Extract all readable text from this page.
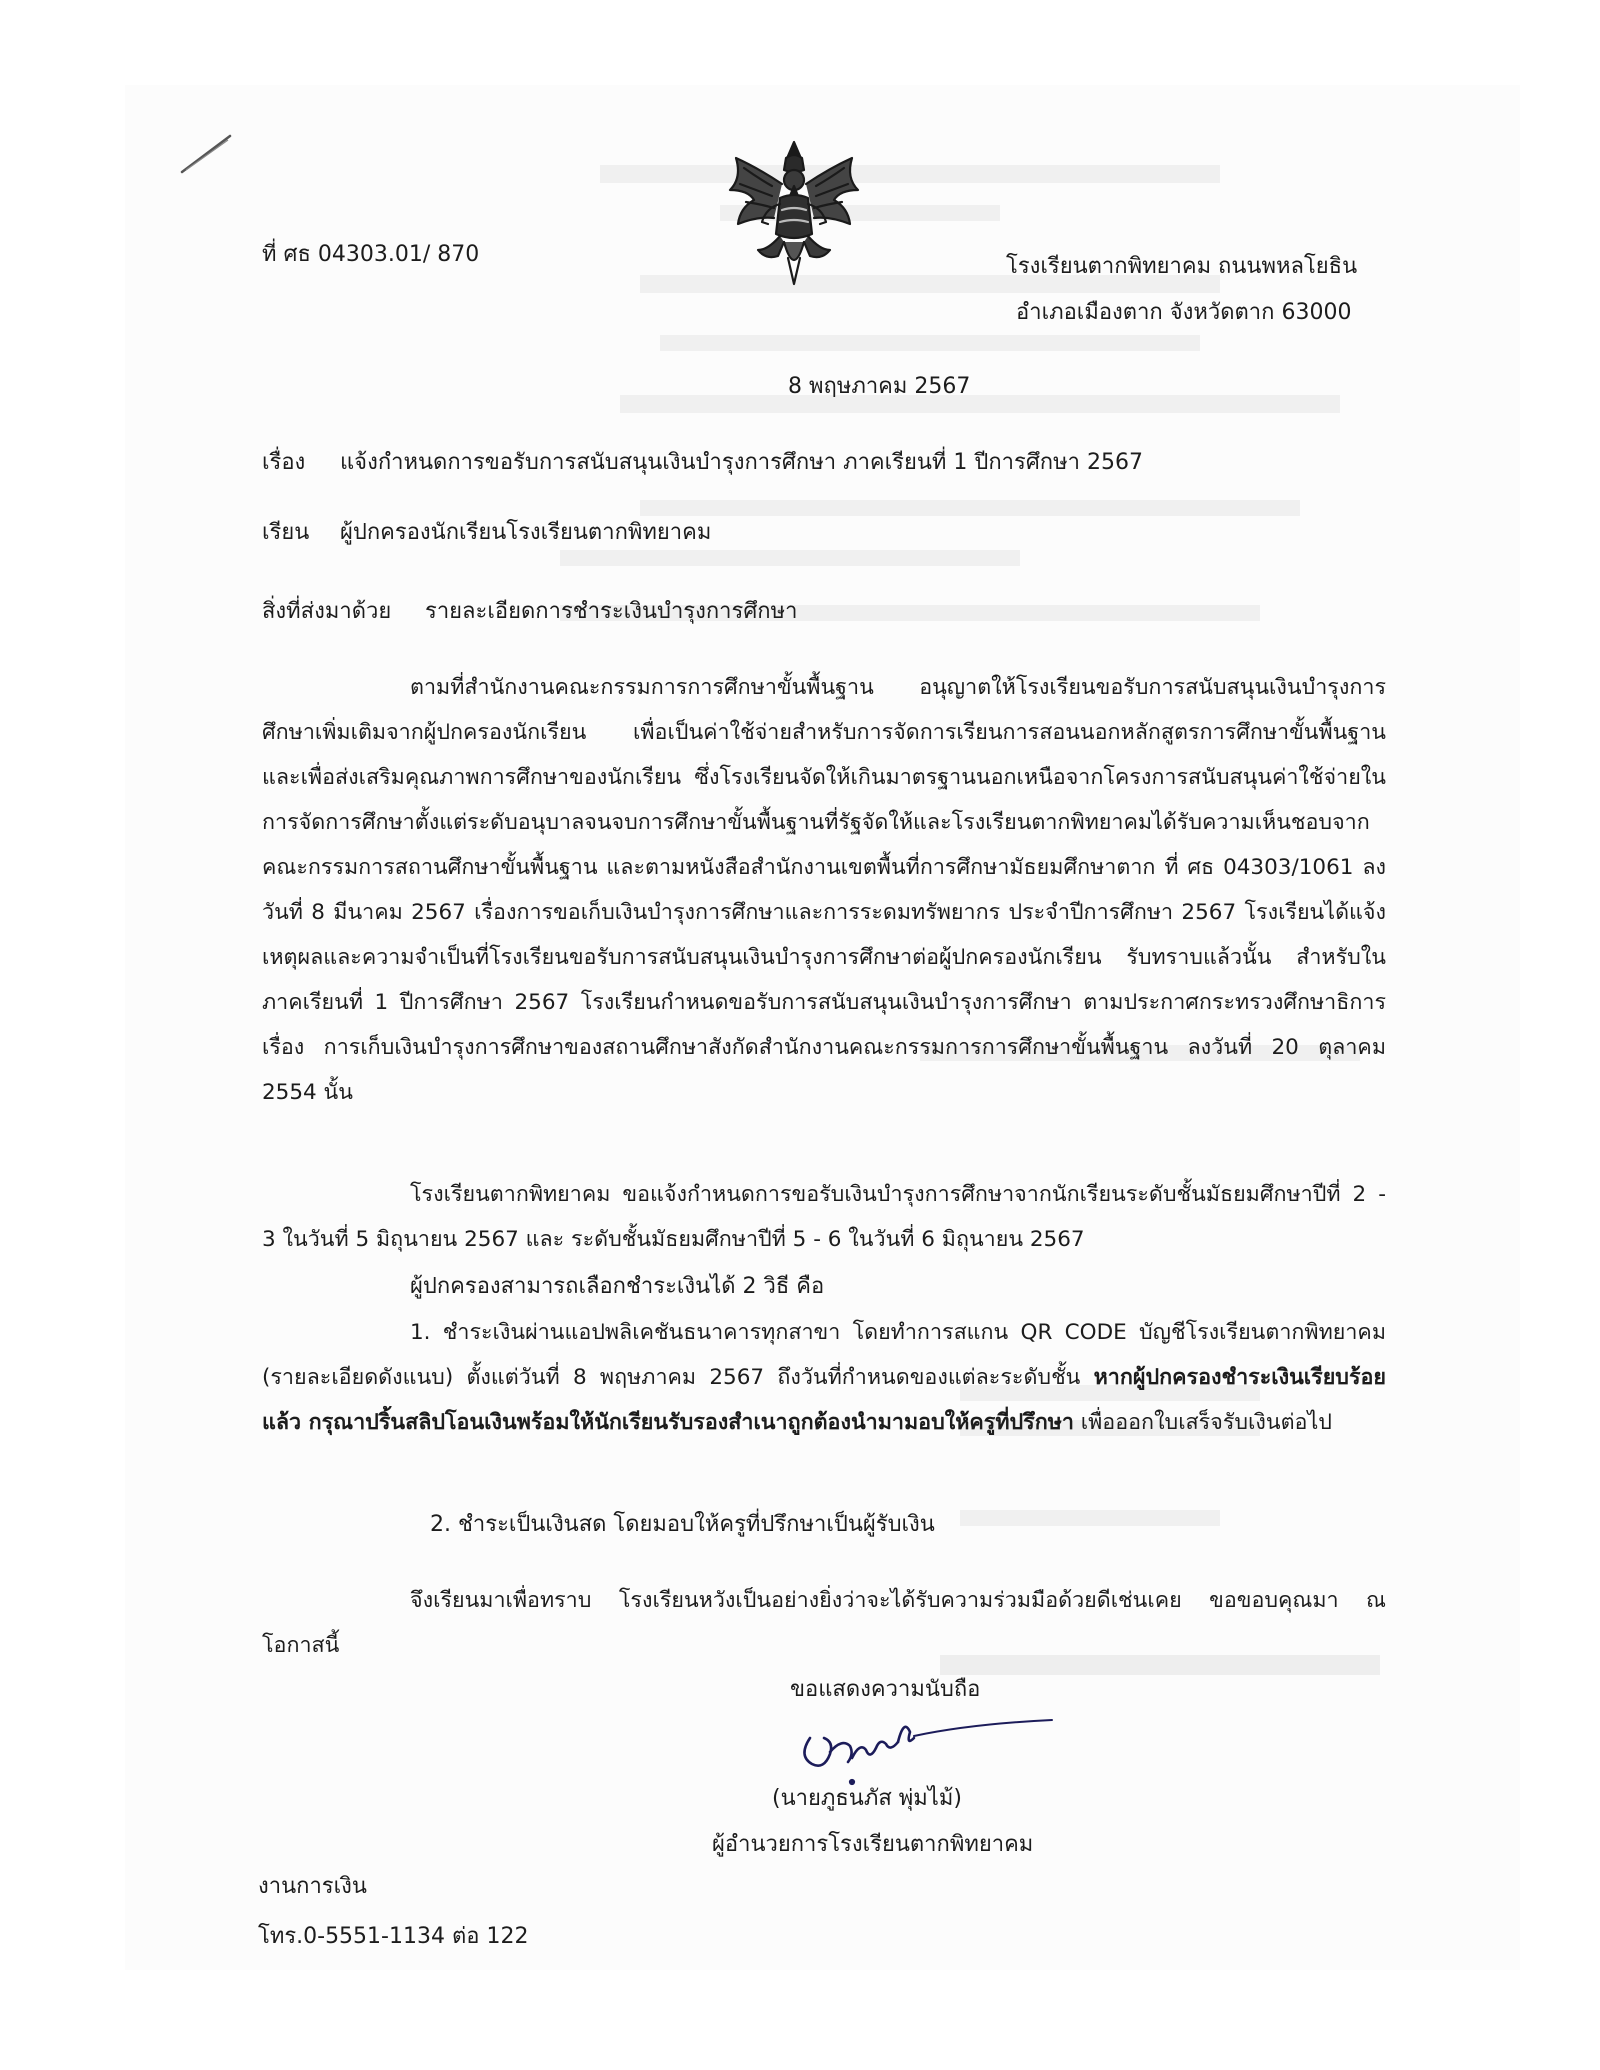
ที่ ศธ 04303.01/ 870	โรงเรียนตากพิทยาคม ถนนพหลโยธิน
อำเภอเมืองตาก จังหวัดตาก 63000
8 พฤษภาคม 2567
เรื่อง แจ้งกำหนดการขอรับการสนับสนุนเงินบำรุงการศึกษา ภาคเรียนที่ 1 ปีการศึกษา 2567
เรียน ผู้ปกครองนักเรียนโรงเรียนตากพิทยาคม
สิ่งที่ส่งมาด้วย รายละเอียดการชำระเงินบำรุงการศึกษา
ตามที่สำนักงานคณะกรรมการการศึกษาขั้นพื้นฐาน อนุญาตให้โรงเรียนขอรับการสนับสนุนเงินบำรุงการศึกษาเพิ่มเติมจากผู้ปกครองนักเรียน เพื่อเป็นค่าใช้จ่ายสำหรับการจัดการเรียนการสอนนอกหลักสูตรการศึกษาขั้นพื้นฐาน และเพื่อส่งเสริมคุณภาพการศึกษาของนักเรียน ซึ่งโรงเรียนจัดให้เกินมาตรฐานนอกเหนือจากโครงการสนับสนุนค่าใช้จ่ายในการจัดการศึกษาตั้งแต่ระดับอนุบาลจนจบการศึกษาขั้นพื้นฐานที่รัฐจัดให้และโรงเรียนตากพิทยาคมได้รับความเห็นชอบจากคณะกรรมการสถานศึกษาขั้นพื้นฐาน และตามหนังสือสำนักงานเขตพื้นที่การศึกษามัธยมศึกษาตาก ที่ ศธ 04303/1061 ลงวันที่ 8 มีนาคม 2567 เรื่องการขอเก็บเงินบำรุงการศึกษาและการระดมทรัพยากร ประจำปีการศึกษา 2567 โรงเรียนได้แจ้งเหตุผลและความจำเป็นที่โรงเรียนขอรับการสนับสนุนเงินบำรุงการศึกษาต่อผู้ปกครองนักเรียน รับทราบแล้วนั้น สำหรับในภาคเรียนที่ 1 ปีการศึกษา 2567 โรงเรียนกำหนดขอรับการสนับสนุนเงินบำรุงการศึกษา ตามประกาศกระทรวงศึกษาธิการ เรื่อง การเก็บเงินบำรุงการศึกษาของสถานศึกษาสังกัดสำนักงานคณะกรรมการการศึกษาขั้นพื้นฐาน ลงวันที่ 20 ตุลาคม 2554 นั้น
โรงเรียนตากพิทยาคม ขอแจ้งกำหนดการขอรับเงินบำรุงการศึกษาจากนักเรียนระดับชั้นมัธยมศึกษาปีที่ 2 - 3 ในวันที่ 5 มิถุนายน 2567 และ ระดับชั้นมัธยมศึกษาปีที่ 5 - 6 ในวันที่ 6 มิถุนายน 2567
ผู้ปกครองสามารถเลือกชำระเงินได้ 2 วิธี คือ
1. ชำระเงินผ่านแอปพลิเคชันธนาคารทุกสาขา โดยทำการสแกน QR CODE บัญชีโรงเรียนตากพิทยาคม (รายละเอียดดังแนบ) ตั้งแต่วันที่ 8 พฤษภาคม 2567 ถึงวันที่กำหนดของแต่ละระดับชั้น หากผู้ปกครองชำระเงินเรียบร้อยแล้ว กรุณาปริ้นสลิปโอนเงินพร้อมให้นักเรียนรับรองสำเนาถูกต้องนำมามอบให้ครูที่ปรึกษา เพื่อออกใบเสร็จรับเงินต่อไป
2. ชำระเป็นเงินสด โดยมอบให้ครูที่ปรึกษาเป็นผู้รับเงิน
จึงเรียนมาเพื่อทราบ โรงเรียนหวังเป็นอย่างยิ่งว่าจะได้รับความร่วมมือด้วยดีเช่นเคย ขอขอบคุณมา ณ โอกาสนี้
ขอแสดงความนับถือ
(นายภูธนภัส พุ่มไม้)
ผู้อำนวยการโรงเรียนตากพิทยาคม
งานการเงิน
โทร.0-5551-1134 ต่อ 122
